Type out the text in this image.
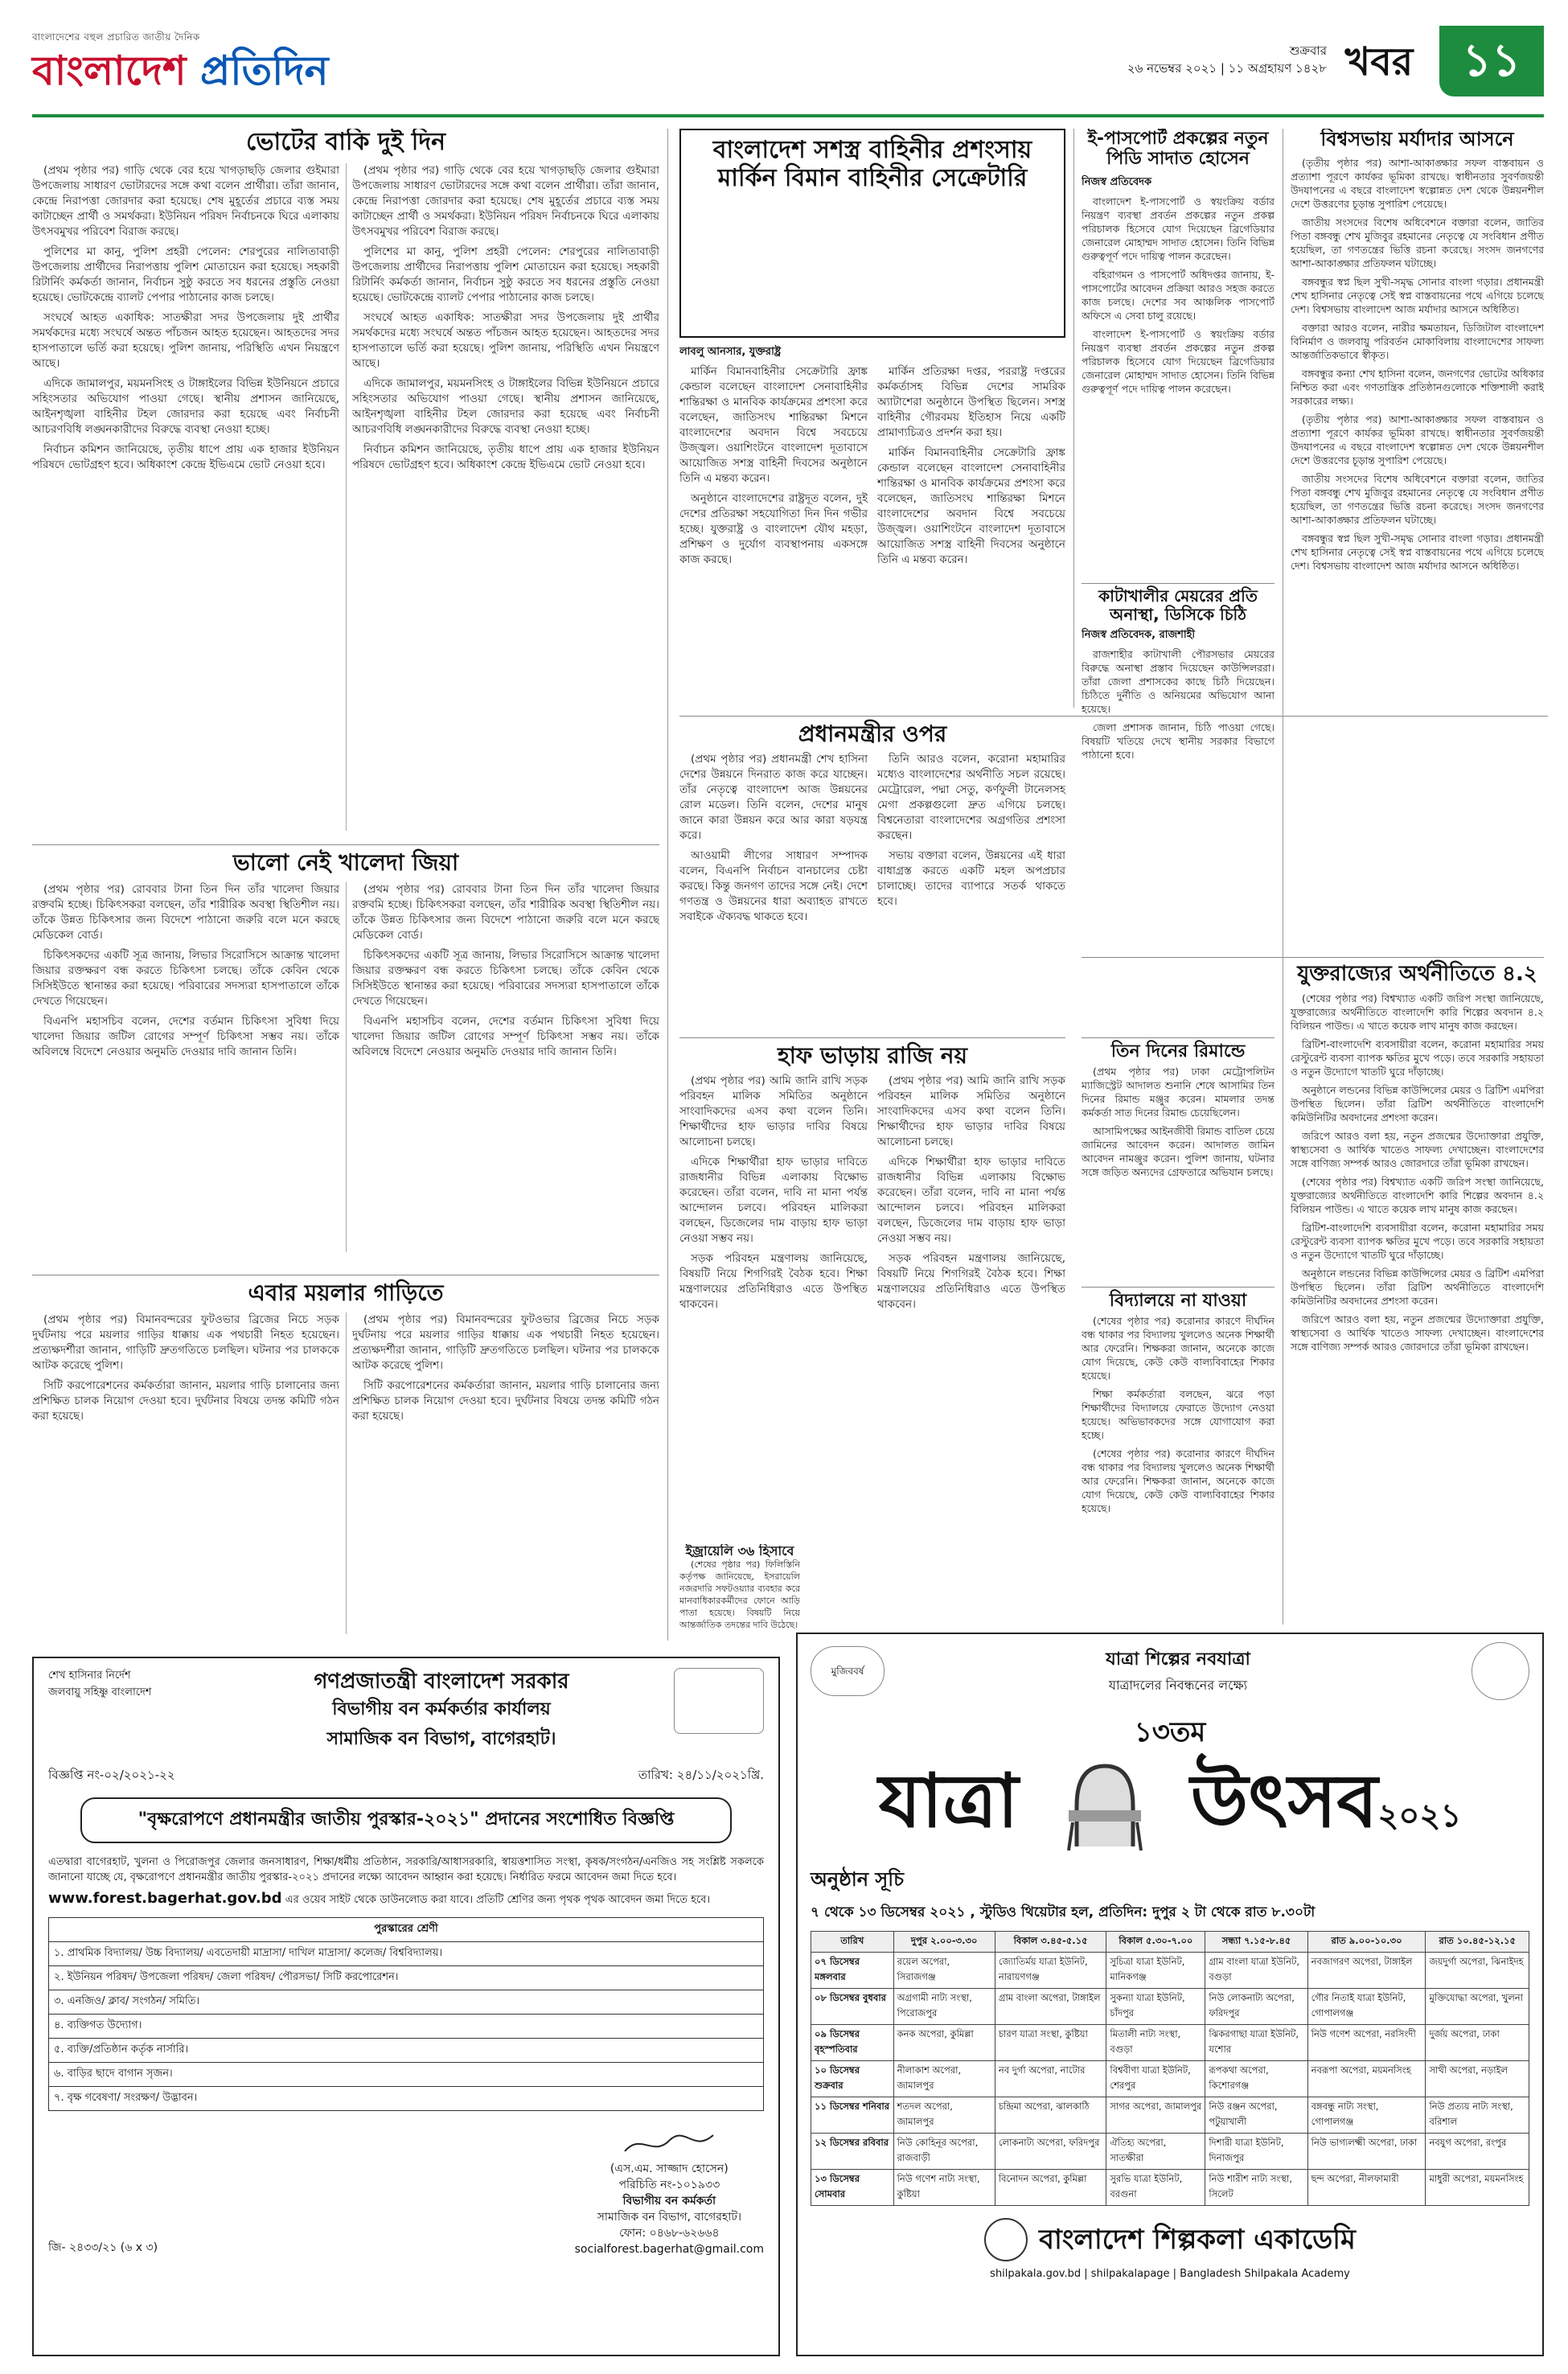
বাংলাদেশের বহুল প্রচারিত জাতীয় দৈনিক
বাংলাদেশ প্রতিদিন	শুক্রবার
২৬ নভেম্বর ২০২১ | ১১ অগ্রহায়ণ ১৪২৮ খবর	১১
ভোটের বাকি দুই দিন

(প্রথম পৃষ্ঠার পর) গাড়ি থেকে বের হয়ে খাগড়াছড়ি জেলার গুইমারা উপজেলায় সাধারণ ভোটারদের সঙ্গে কথা বলেন প্রার্থীরা। তাঁরা জানান, কেন্দ্রে নিরাপত্তা জোরদার করা হয়েছে। শেষ মুহূর্তের প্রচারে ব্যস্ত সময় কাটাচ্ছেন প্রার্থী ও সমর্থকরা। ইউনিয়ন পরিষদ নির্বাচনকে ঘিরে এলাকায় উৎসবমুখর পরিবেশ বিরাজ করছে।

পুলিশের মা কানু, পুলিশ প্রহরী পেলেন: শেরপুরের নালিতাবাড়ী উপজেলায় প্রার্থীদের নিরাপত্তায় পুলিশ মোতায়েন করা হয়েছে। সহকারী রিটার্নিং কর্মকর্তা জানান, নির্বাচন সুষ্ঠু করতে সব ধরনের প্রস্তুতি নেওয়া হয়েছে। ভোটকেন্দ্রে ব্যালট পেপার পাঠানোর কাজ চলছে।

সংঘর্ষে আহত একাধিক: সাতক্ষীরা সদর উপজেলায় দুই প্রার্থীর সমর্থকদের মধ্যে সংঘর্ষে অন্তত পাঁচজন আহত হয়েছেন। আহতদের সদর হাসপাতালে ভর্তি করা হয়েছে। পুলিশ জানায়, পরিস্থিতি এখন নিয়ন্ত্রণে আছে।

এদিকে জামালপুর, ময়মনসিংহ ও টাঙ্গাইলের বিভিন্ন ইউনিয়নে প্রচারে সহিংসতার অভিযোগ পাওয়া গেছে। স্থানীয় প্রশাসন জানিয়েছে, আইনশৃঙ্খলা বাহিনীর টহল জোরদার করা হয়েছে এবং নির্বাচনী আচরণবিধি লঙ্ঘনকারীদের বিরুদ্ধে ব্যবস্থা নেওয়া হচ্ছে।

নির্বাচন কমিশন জানিয়েছে, তৃতীয় ধাপে প্রায় এক হাজার ইউনিয়ন পরিষদে ভোটগ্রহণ হবে। অধিকাংশ কেন্দ্রে ইভিএমে ভোট নেওয়া হবে।

(প্রথম পৃষ্ঠার পর) গাড়ি থেকে বের হয়ে খাগড়াছড়ি জেলার গুইমারা উপজেলায় সাধারণ ভোটারদের সঙ্গে কথা বলেন প্রার্থীরা। তাঁরা জানান, কেন্দ্রে নিরাপত্তা জোরদার করা হয়েছে। শেষ মুহূর্তের প্রচারে ব্যস্ত সময় কাটাচ্ছেন প্রার্থী ও সমর্থকরা। ইউনিয়ন পরিষদ নির্বাচনকে ঘিরে এলাকায় উৎসবমুখর পরিবেশ বিরাজ করছে।

পুলিশের মা কানু, পুলিশ প্রহরী পেলেন: শেরপুরের নালিতাবাড়ী উপজেলায় প্রার্থীদের নিরাপত্তায় পুলিশ মোতায়েন করা হয়েছে। সহকারী রিটার্নিং কর্মকর্তা জানান, নির্বাচন সুষ্ঠু করতে সব ধরনের প্রস্তুতি নেওয়া হয়েছে। ভোটকেন্দ্রে ব্যালট পেপার পাঠানোর কাজ চলছে।

সংঘর্ষে আহত একাধিক: সাতক্ষীরা সদর উপজেলায় দুই প্রার্থীর সমর্থকদের মধ্যে সংঘর্ষে অন্তত পাঁচজন আহত হয়েছেন। আহতদের সদর হাসপাতালে ভর্তি করা হয়েছে। পুলিশ জানায়, পরিস্থিতি এখন নিয়ন্ত্রণে আছে।

এদিকে জামালপুর, ময়মনসিংহ ও টাঙ্গাইলের বিভিন্ন ইউনিয়নে প্রচারে সহিংসতার অভিযোগ পাওয়া গেছে। স্থানীয় প্রশাসন জানিয়েছে, আইনশৃঙ্খলা বাহিনীর টহল জোরদার করা হয়েছে এবং নির্বাচনী আচরণবিধি লঙ্ঘনকারীদের বিরুদ্ধে ব্যবস্থা নেওয়া হচ্ছে।

নির্বাচন কমিশন জানিয়েছে, তৃতীয় ধাপে প্রায় এক হাজার ইউনিয়ন পরিষদে ভোটগ্রহণ হবে। অধিকাংশ কেন্দ্রে ইভিএমে ভোট নেওয়া হবে।

ভালো নেই খালেদা জিয়া

(প্রথম পৃষ্ঠার পর) রোববার টানা তিন দিন তাঁর খালেদা জিয়ার রক্তবমি হচ্ছে। চিকিৎসকরা বলছেন, তাঁর শারীরিক অবস্থা স্থিতিশীল নয়। তাঁকে উন্নত চিকিৎসার জন্য বিদেশে পাঠানো জরুরি বলে মনে করছে মেডিকেল বোর্ড।

চিকিৎসকদের একটি সূত্র জানায়, লিভার সিরোসিসে আক্রান্ত খালেদা জিয়ার রক্তক্ষরণ বন্ধ করতে চিকিৎসা চলছে। তাঁকে কেবিন থেকে সিসিইউতে স্থানান্তর করা হয়েছে। পরিবারের সদস্যরা হাসপাতালে তাঁকে দেখতে গিয়েছেন।

বিএনপি মহাসচিব বলেন, দেশের বর্তমান চিকিৎসা সুবিধা দিয়ে খালেদা জিয়ার জটিল রোগের সম্পূর্ণ চিকিৎসা সম্ভব নয়। তাঁকে অবিলম্বে বিদেশে নেওয়ার অনুমতি দেওয়ার দাবি জানান তিনি।

(প্রথম পৃষ্ঠার পর) রোববার টানা তিন দিন তাঁর খালেদা জিয়ার রক্তবমি হচ্ছে। চিকিৎসকরা বলছেন, তাঁর শারীরিক অবস্থা স্থিতিশীল নয়। তাঁকে উন্নত চিকিৎসার জন্য বিদেশে পাঠানো জরুরি বলে মনে করছে মেডিকেল বোর্ড।

চিকিৎসকদের একটি সূত্র জানায়, লিভার সিরোসিসে আক্রান্ত খালেদা জিয়ার রক্তক্ষরণ বন্ধ করতে চিকিৎসা চলছে। তাঁকে কেবিন থেকে সিসিইউতে স্থানান্তর করা হয়েছে। পরিবারের সদস্যরা হাসপাতালে তাঁকে দেখতে গিয়েছেন।

বিএনপি মহাসচিব বলেন, দেশের বর্তমান চিকিৎসা সুবিধা দিয়ে খালেদা জিয়ার জটিল রোগের সম্পূর্ণ চিকিৎসা সম্ভব নয়। তাঁকে অবিলম্বে বিদেশে নেওয়ার অনুমতি দেওয়ার দাবি জানান তিনি।

এবার ময়লার গাড়িতে

(প্রথম পৃষ্ঠার পর) বিমানবন্দরের ফুটওভার ব্রিজের নিচে সড়ক দুর্ঘটনায় পরে ময়লার গাড়ির ধাক্কায় এক পথচারী নিহত হয়েছেন। প্রত্যক্ষদর্শীরা জানান, গাড়িটি দ্রুতগতিতে চলছিল। ঘটনার পর চালককে আটক করেছে পুলিশ।

সিটি করপোরেশনের কর্মকর্তারা জানান, ময়লার গাড়ি চালানোর জন্য প্রশিক্ষিত চালক নিয়োগ দেওয়া হবে। দুর্ঘটনার বিষয়ে তদন্ত কমিটি গঠন করা হয়েছে।

(প্রথম পৃষ্ঠার পর) বিমানবন্দরের ফুটওভার ব্রিজের নিচে সড়ক দুর্ঘটনায় পরে ময়লার গাড়ির ধাক্কায় এক পথচারী নিহত হয়েছেন। প্রত্যক্ষদর্শীরা জানান, গাড়িটি দ্রুতগতিতে চলছিল। ঘটনার পর চালককে আটক করেছে পুলিশ।

সিটি করপোরেশনের কর্মকর্তারা জানান, ময়লার গাড়ি চালানোর জন্য প্রশিক্ষিত চালক নিয়োগ দেওয়া হবে। দুর্ঘটনার বিষয়ে তদন্ত কমিটি গঠন করা হয়েছে।

বাংলাদেশ সশস্ত্র বাহিনীর প্রশংসায় মার্কিন বিমান বাহিনীর সেক্রেটারি
লাবলু আনসার, যুক্তরাষ্ট্র

মার্কিন বিমানবাহিনীর সেক্রেটারি ফ্রাঙ্ক কেন্ডাল বলেছেন বাংলাদেশ সেনাবাহিনীর শান্তিরক্ষা ও মানবিক কার্যক্রমের প্রশংসা করে বলেছেন, জাতিসংঘ শান্তিরক্ষা মিশনে বাংলাদেশের অবদান বিশ্বে সবচেয়ে উজ্জ্বল। ওয়াশিংটনে বাংলাদেশ দূতাবাসে আয়োজিত সশস্ত্র বাহিনী দিবসের অনুষ্ঠানে তিনি এ মন্তব্য করেন।

অনুষ্ঠানে বাংলাদেশের রাষ্ট্রদূত বলেন, দুই দেশের প্রতিরক্ষা সহযোগিতা দিন দিন গভীর হচ্ছে। যুক্তরাষ্ট্র ও বাংলাদেশ যৌথ মহড়া, প্রশিক্ষণ ও দুর্যোগ ব্যবস্থাপনায় একসঙ্গে কাজ করছে।

মার্কিন প্রতিরক্ষা দপ্তর, পররাষ্ট্র দপ্তরের কর্মকর্তাসহ বিভিন্ন দেশের সামরিক অ্যাটাশেরা অনুষ্ঠানে উপস্থিত ছিলেন। সশস্ত্র বাহিনীর গৌরবময় ইতিহাস নিয়ে একটি প্রামাণ্যচিত্রও প্রদর্শন করা হয়।

মার্কিন বিমানবাহিনীর সেক্রেটারি ফ্রাঙ্ক কেন্ডাল বলেছেন বাংলাদেশ সেনাবাহিনীর শান্তিরক্ষা ও মানবিক কার্যক্রমের প্রশংসা করে বলেছেন, জাতিসংঘ শান্তিরক্ষা মিশনে বাংলাদেশের অবদান বিশ্বে সবচেয়ে উজ্জ্বল। ওয়াশিংটনে বাংলাদেশ দূতাবাসে আয়োজিত সশস্ত্র বাহিনী দিবসের অনুষ্ঠানে তিনি এ মন্তব্য করেন।

প্রধানমন্ত্রীর ওপর

(প্রথম পৃষ্ঠার পর) প্রধানমন্ত্রী শেখ হাসিনা দেশের উন্নয়নে দিনরাত কাজ করে যাচ্ছেন। তাঁর নেতৃত্বে বাংলাদেশ আজ উন্নয়নের রোল মডেল। তিনি বলেন, দেশের মানুষ জানে কারা উন্নয়ন করে আর কারা ষড়যন্ত্র করে।

আওয়ামী লীগের সাধারণ সম্পাদক বলেন, বিএনপি নির্বাচন বানচালের চেষ্টা করছে। কিন্তু জনগণ তাদের সঙ্গে নেই। দেশে গণতন্ত্র ও উন্নয়নের ধারা অব্যাহত রাখতে সবাইকে ঐক্যবদ্ধ থাকতে হবে।

তিনি আরও বলেন, করোনা মহামারির মধ্যেও বাংলাদেশের অর্থনীতি সচল রয়েছে। মেট্রোরেল, পদ্মা সেতু, কর্ণফুলী টানেলসহ মেগা প্রকল্পগুলো দ্রুত এগিয়ে চলছে। বিশ্বনেতারা বাংলাদেশের অগ্রগতির প্রশংসা করছেন।

সভায় বক্তারা বলেন, উন্নয়নের এই ধারা বাধাগ্রস্ত করতে একটি মহল অপপ্রচার চালাচ্ছে। তাদের ব্যাপারে সতর্ক থাকতে হবে।

হাফ ভাড়ায় রাজি নয়

(প্রথম পৃষ্ঠার পর) আমি জানি রাখি সড়ক পরিবহন মালিক সমিতির অনুষ্ঠানে সাংবাদিকদের এসব কথা বলেন তিনি। শিক্ষার্থীদের হাফ ভাড়ার দাবির বিষয়ে আলোচনা চলছে।

এদিকে শিক্ষার্থীরা হাফ ভাড়ার দাবিতে রাজধানীর বিভিন্ন এলাকায় বিক্ষোভ করেছেন। তাঁরা বলেন, দাবি না মানা পর্যন্ত আন্দোলন চলবে। পরিবহন মালিকরা বলছেন, ডিজেলের দাম বাড়ায় হাফ ভাড়া নেওয়া সম্ভব নয়।

সড়ক পরিবহন মন্ত্রণালয় জানিয়েছে, বিষয়টি নিয়ে শিগগিরই বৈঠক হবে। শিক্ষা মন্ত্রণালয়ের প্রতিনিধিরাও এতে উপস্থিত থাকবেন।

(প্রথম পৃষ্ঠার পর) আমি জানি রাখি সড়ক পরিবহন মালিক সমিতির অনুষ্ঠানে সাংবাদিকদের এসব কথা বলেন তিনি। শিক্ষার্থীদের হাফ ভাড়ার দাবির বিষয়ে আলোচনা চলছে।

এদিকে শিক্ষার্থীরা হাফ ভাড়ার দাবিতে রাজধানীর বিভিন্ন এলাকায় বিক্ষোভ করেছেন। তাঁরা বলেন, দাবি না মানা পর্যন্ত আন্দোলন চলবে। পরিবহন মালিকরা বলছেন, ডিজেলের দাম বাড়ায় হাফ ভাড়া নেওয়া সম্ভব নয়।

সড়ক পরিবহন মন্ত্রণালয় জানিয়েছে, বিষয়টি নিয়ে শিগগিরই বৈঠক হবে। শিক্ষা মন্ত্রণালয়ের প্রতিনিধিরাও এতে উপস্থিত থাকবেন।

ইজ্রায়েলি ৩৬ হিসাবে

(শেষের পৃষ্ঠার পর) ফিলিস্তিনি কর্তৃপক্ষ জানিয়েছে, ইসরায়েলি নজরদারি সফটওয়্যার ব্যবহার করে মানবাধিকারকর্মীদের ফোনে আড়ি পাতা হয়েছে। বিষয়টি নিয়ে আন্তর্জাতিক তদন্তের দাবি উঠেছে।

ই-পাসপোর্ট প্রকল্পের নতুন পিডি সাদাত হোসেন
নিজস্ব প্রতিবেদক

বাংলাদেশ ই-পাসপোর্ট ও স্বয়ংক্রিয় বর্ডার নিয়ন্ত্রণ ব্যবস্থা প্রবর্তন প্রকল্পের নতুন প্রকল্প পরিচালক হিসেবে যোগ দিয়েছেন ব্রিগেডিয়ার জেনারেল মোহাম্মদ সাদাত হোসেন। তিনি বিভিন্ন গুরুত্বপূর্ণ পদে দায়িত্ব পালন করেছেন।

বহিরাগমন ও পাসপোর্ট অধিদপ্তর জানায়, ই-পাসপোর্টের আবেদন প্রক্রিয়া আরও সহজ করতে কাজ চলছে। দেশের সব আঞ্চলিক পাসপোর্ট অফিসে এ সেবা চালু রয়েছে।

বাংলাদেশ ই-পাসপোর্ট ও স্বয়ংক্রিয় বর্ডার নিয়ন্ত্রণ ব্যবস্থা প্রবর্তন প্রকল্পের নতুন প্রকল্প পরিচালক হিসেবে যোগ দিয়েছেন ব্রিগেডিয়ার জেনারেল মোহাম্মদ সাদাত হোসেন। তিনি বিভিন্ন গুরুত্বপূর্ণ পদে দায়িত্ব পালন করেছেন।

কাটাখালীর মেয়রের প্রতি অনাস্থা, ডিসিকে চিঠি
নিজস্ব প্রতিবেদক, রাজশাহী

রাজশাহীর কাটাখালী পৌরসভার মেয়রের বিরুদ্ধে অনাস্থা প্রস্তাব দিয়েছেন কাউন্সিলররা। তাঁরা জেলা প্রশাসকের কাছে চিঠি দিয়েছেন। চিঠিতে দুর্নীতি ও অনিয়মের অভিযোগ আনা হয়েছে।

জেলা প্রশাসক জানান, চিঠি পাওয়া গেছে। বিষয়টি খতিয়ে দেখে স্থানীয় সরকার বিভাগে পাঠানো হবে।

তিন দিনের রিমান্ডে

(প্রথম পৃষ্ঠার পর) ঢাকা মেট্রোপলিটন ম্যাজিস্ট্রেট আদালত শুনানি শেষে আসামির তিন দিনের রিমান্ড মঞ্জুর করেন। মামলার তদন্ত কর্মকর্তা সাত দিনের রিমান্ড চেয়েছিলেন।

আসামিপক্ষের আইনজীবী রিমান্ড বাতিল চেয়ে জামিনের আবেদন করেন। আদালত জামিন আবেদন নামঞ্জুর করেন। পুলিশ জানায়, ঘটনার সঙ্গে জড়িত অন্যদের গ্রেফতারে অভিযান চলছে।

বিদ্যালয়ে না যাওয়া

(শেষের পৃষ্ঠার পর) করোনার কারণে দীর্ঘদিন বন্ধ থাকার পর বিদ্যালয় খুললেও অনেক শিক্ষার্থী আর ফেরেনি। শিক্ষকরা জানান, অনেকে কাজে যোগ দিয়েছে, কেউ কেউ বাল্যবিবাহের শিকার হয়েছে।

শিক্ষা কর্মকর্তারা বলছেন, ঝরে পড়া শিক্ষার্থীদের বিদ্যালয়ে ফেরাতে উদ্যোগ নেওয়া হয়েছে। অভিভাবকদের সঙ্গে যোগাযোগ করা হচ্ছে।

(শেষের পৃষ্ঠার পর) করোনার কারণে দীর্ঘদিন বন্ধ থাকার পর বিদ্যালয় খুললেও অনেক শিক্ষার্থী আর ফেরেনি। শিক্ষকরা জানান, অনেকে কাজে যোগ দিয়েছে, কেউ কেউ বাল্যবিবাহের শিকার হয়েছে।

বিশ্বসভায় মর্যাদার আসনে

(তৃতীয় পৃষ্ঠার পর) আশা-আকাঙ্ক্ষার সফল বাস্তবায়ন ও প্রত্যাশা পূরণে কার্যকর ভূমিকা রাখছে। স্বাধীনতার সুবর্ণজয়ন্তী উদযাপনের এ বছরে বাংলাদেশ স্বল্পোন্নত দেশ থেকে উন্নয়নশীল দেশে উত্তরণের চূড়ান্ত সুপারিশ পেয়েছে।

জাতীয় সংসদের বিশেষ অধিবেশনে বক্তারা বলেন, জাতির পিতা বঙ্গবন্ধু শেখ মুজিবুর রহমানের নেতৃত্বে যে সংবিধান প্রণীত হয়েছিল, তা গণতন্ত্রের ভিত্তি রচনা করেছে। সংসদ জনগণের আশা-আকাঙ্ক্ষার প্রতিফলন ঘটাচ্ছে।

বঙ্গবন্ধুর স্বপ্ন ছিল সুখী-সমৃদ্ধ সোনার বাংলা গড়ার। প্রধানমন্ত্রী শেখ হাসিনার নেতৃত্বে সেই স্বপ্ন বাস্তবায়নের পথে এগিয়ে চলেছে দেশ। বিশ্বসভায় বাংলাদেশ আজ মর্যাদার আসনে অধিষ্ঠিত।

বক্তারা আরও বলেন, নারীর ক্ষমতায়ন, ডিজিটাল বাংলাদেশ বিনির্মাণ ও জলবায়ু পরিবর্তন মোকাবিলায় বাংলাদেশের সাফল্য আন্তর্জাতিকভাবে স্বীকৃত।

বঙ্গবন্ধুর কন্যা শেখ হাসিনা বলেন, জনগণের ভোটের অধিকার নিশ্চিত করা এবং গণতান্ত্রিক প্রতিষ্ঠানগুলোকে শক্তিশালী করাই সরকারের লক্ষ্য।

(তৃতীয় পৃষ্ঠার পর) আশা-আকাঙ্ক্ষার সফল বাস্তবায়ন ও প্রত্যাশা পূরণে কার্যকর ভূমিকা রাখছে। স্বাধীনতার সুবর্ণজয়ন্তী উদযাপনের এ বছরে বাংলাদেশ স্বল্পোন্নত দেশ থেকে উন্নয়নশীল দেশে উত্তরণের চূড়ান্ত সুপারিশ পেয়েছে।

জাতীয় সংসদের বিশেষ অধিবেশনে বক্তারা বলেন, জাতির পিতা বঙ্গবন্ধু শেখ মুজিবুর রহমানের নেতৃত্বে যে সংবিধান প্রণীত হয়েছিল, তা গণতন্ত্রের ভিত্তি রচনা করেছে। সংসদ জনগণের আশা-আকাঙ্ক্ষার প্রতিফলন ঘটাচ্ছে।

বঙ্গবন্ধুর স্বপ্ন ছিল সুখী-সমৃদ্ধ সোনার বাংলা গড়ার। প্রধানমন্ত্রী শেখ হাসিনার নেতৃত্বে সেই স্বপ্ন বাস্তবায়নের পথে এগিয়ে চলেছে দেশ। বিশ্বসভায় বাংলাদেশ আজ মর্যাদার আসনে অধিষ্ঠিত।

যুক্তরাজ্যের অর্থনীতিতে ৪.২

(শেষের পৃষ্ঠার পর) বিশ্বখ্যাত একটি জরিপ সংস্থা জানিয়েছে, যুক্তরাজ্যের অর্থনীতিতে বাংলাদেশি কারি শিল্পের অবদান ৪.২ বিলিয়ন পাউন্ড। এ খাতে কয়েক লাখ মানুষ কাজ করছেন।

ব্রিটিশ-বাংলাদেশি ব্যবসায়ীরা বলেন, করোনা মহামারির সময় রেস্টুরেন্ট ব্যবসা ব্যাপক ক্ষতির মুখে পড়ে। তবে সরকারি সহায়তা ও নতুন উদ্যোগে খাতটি ঘুরে দাঁড়াচ্ছে।

অনুষ্ঠানে লন্ডনের বিভিন্ন কাউন্সিলের মেয়র ও ব্রিটিশ এমপিরা উপস্থিত ছিলেন। তাঁরা ব্রিটিশ অর্থনীতিতে বাংলাদেশি কমিউনিটির অবদানের প্রশংসা করেন।

জরিপে আরও বলা হয়, নতুন প্রজন্মের উদ্যোক্তারা প্রযুক্তি, স্বাস্থ্যসেবা ও আর্থিক খাতেও সাফল্য দেখাচ্ছেন। বাংলাদেশের সঙ্গে বাণিজ্য সম্পর্ক আরও জোরদারে তাঁরা ভূমিকা রাখছেন।

(শেষের পৃষ্ঠার পর) বিশ্বখ্যাত একটি জরিপ সংস্থা জানিয়েছে, যুক্তরাজ্যের অর্থনীতিতে বাংলাদেশি কারি শিল্পের অবদান ৪.২ বিলিয়ন পাউন্ড। এ খাতে কয়েক লাখ মানুষ কাজ করছেন।

ব্রিটিশ-বাংলাদেশি ব্যবসায়ীরা বলেন, করোনা মহামারির সময় রেস্টুরেন্ট ব্যবসা ব্যাপক ক্ষতির মুখে পড়ে। তবে সরকারি সহায়তা ও নতুন উদ্যোগে খাতটি ঘুরে দাঁড়াচ্ছে।

অনুষ্ঠানে লন্ডনের বিভিন্ন কাউন্সিলের মেয়র ও ব্রিটিশ এমপিরা উপস্থিত ছিলেন। তাঁরা ব্রিটিশ অর্থনীতিতে বাংলাদেশি কমিউনিটির অবদানের প্রশংসা করেন।

জরিপে আরও বলা হয়, নতুন প্রজন্মের উদ্যোক্তারা প্রযুক্তি, স্বাস্থ্যসেবা ও আর্থিক খাতেও সাফল্য দেখাচ্ছেন। বাংলাদেশের সঙ্গে বাণিজ্য সম্পর্ক আরও জোরদারে তাঁরা ভূমিকা রাখছেন।

শেখ হাসিনার নির্দেশ
জলবায়ু সহিষ্ণু বাংলাদেশ	গণপ্রজাতন্ত্রী বাংলাদেশ সরকার
বিভাগীয় বন কর্মকর্তার কার্যালয়
সামাজিক বন বিভাগ, বাগেরহাট।
বিজ্ঞপ্তি নং-০২/২০২১-২২	তারিখ: ২৪/১১/২০২১খ্রি.
"বৃক্ষরোপণে প্রধানমন্ত্রীর জাতীয় পুরস্কার-২০২১" প্রদানের সংশোধিত বিজ্ঞপ্তি
এতদ্বারা বাগেরহাট, খুলনা ও পিরোজপুর জেলার জনসাধারণ, শিক্ষা/ধর্মীয় প্রতিষ্ঠান, সরকারি/আধাসরকারি, স্বায়ত্তশাসিত সংস্থা, কৃষক/সংগঠন/এনজিও সহ সংশ্লিষ্ট সকলকে জানানো যাচ্ছে যে, বৃক্ষরোপণে প্রধানমন্ত্রীর জাতীয় পুরস্কার-২০২১ প্রদানের লক্ষ্যে আবেদন আহ্বান করা হয়েছে। নির্ধারিত ফরমে আবেদন জমা দিতে হবে।
www.forest.bagerhat.gov.bd এর ওয়েব সাইট থেকে ডাউনলোড করা যাবে। প্রতিটি শ্রেণির জন্য পৃথক পৃথক আবেদন জমা দিতে হবে।
পুরস্কারের শ্রেণী
১. প্রাথমিক বিদ্যালয়/ উচ্চ বিদ্যালয়/ এবতেদায়ী মাদ্রাসা/ দাখিল মাদ্রাসা/ কলেজ/ বিশ্ববিদ্যালয়।
২. ইউনিয়ন পরিষদ/ উপজেলা পরিষদ/ জেলা পরিষদ/ পৌরসভা/ সিটি করপোরেশন।
৩. এনজিও/ ক্লাব/ সংগঠন/ সমিতি।
৪. ব্যক্তিগত উদ্যোগ।
৫. ব্যক্তি/প্রতিষ্ঠান কর্তৃক নার্সারি।
৬. বাড়ির ছাদে বাগান সৃজন।
৭. বৃক্ষ গবেষণা/ সংরক্ষণ/ উদ্ভাবন।
জি- ২৪৩৩/২১ (৬ x ৩)
(এস.এম. সাজ্জাদ হোসেন)
পরিচিতি নং-১০১৯৩৩
বিভাগীয় বন কর্মকর্তা
সামাজিক বন বিভাগ, বাগেরহাট।
ফোন: ০৪৬৮-৬২৬৬৪
socialforest.bagerhat@gmail.com
মুজিববর্ষ
যাত্রা শিল্পের নবযাত্রা
যাত্রাদলের নিবন্ধনের লক্ষ্যে
১৩তম
যাত্রা উৎসব২০২১
অনুষ্ঠান সূচি
৭ থেকে ১৩ ডিসেম্বর ২০২১ , স্টুডিও থিয়েটার হল, প্রতিদিন: দুপুর ২ টা থেকে রাত ৮.৩০টা
তারিখ	দুপুর ২.০০-৩.৩০	বিকাল ৩.৪৫-৫.১৫	বিকাল ৫.৩০-৭.০০	সন্ধ্যা ৭.১৫-৮.৪৫	রাত ৯.০০-১০.৩০	রাত ১০.৪৫-১২.১৫
০৭ ডিসেম্বর মঙ্গলবার	রয়েল অপেরা, সিরাজগঞ্জ	জ্যোতির্ময় যাত্রা ইউনিট, নারায়ণগঞ্জ	সুচিত্রা যাত্রা ইউনিট, মানিকগঞ্জ	গ্রাম বাংলা যাত্রা ইউনিট, বগুড়া	নবজাগরণ অপেরা, টাঙ্গাইল	জয়দুর্গা অপেরা, ঝিনাইদহ
০৮ ডিসেম্বর বুধবার	অগ্রগামী নাট্য সংস্থা, পিরোজপুর	গ্রাম বাংলা অপেরা, টাঙ্গাইল	সুকন্যা যাত্রা ইউনিট, চাঁদপুর	নিউ লোকনাট্য অপেরা, ফরিদপুর	গৌর নিতাই যাত্রা ইউনিট, গোপালগঞ্জ	মুক্তিযোদ্ধা অপেরা, খুলনা
০৯ ডিসেম্বর বৃহস্পতিবার	কনক অপেরা, কুমিল্লা	চারণ যাত্রা সংস্থা, কুষ্টিয়া	মিতালী নাট্য সংস্থা, বগুড়া	ঝিকরগাছা যাত্রা ইউনিট, যশোর	নিউ গণেশ অপেরা, নরসিংদী	দুর্জয় অপেরা, ঢাকা
১০ ডিসেম্বর শুক্রবার	নীলাকাশ অপেরা, জামালপুর	নব দুর্গা অপেরা, নাটোর	বিশ্ববীণা যাত্রা ইউনিট, শেরপুর	রূপকথা অপেরা, কিশোরগঞ্জ	নবরূপা অপেরা, ময়মনসিংহ	সাথী অপেরা, নড়াইল
১১ ডিসেম্বর শনিবার	শতদল অপেরা, জামালপুর	চন্দ্রিমা অপেরা, ঝালকাঠি	সাগর অপেরা, জামালপুর	নিউ রঞ্জন অপেরা, পটুয়াখালী	বঙ্গবন্ধু নাট্য সংস্থা, গোপালগঞ্জ	নিউ প্রত্যয় নাট্য সংস্থা, বরিশাল
১২ ডিসেম্বর রবিবার	নিউ কোহিনূর অপেরা, রাজবাড়ী	লোকনাট্য অপেরা, ফরিদপুর	ঐতিহ্য অপেরা, সাতক্ষীরা	দিশারী যাত্রা ইউনিট, দিনাজপুর	নিউ ভাগ্যলক্ষ্মী অপেরা, ঢাকা	নবযুগ অপেরা, রংপুর
১৩ ডিসেম্বর সোমবার	নিউ গণেশ নাট্য সংস্থা, কুষ্টিয়া	বিনোদন অপেরা, কুমিল্লা	সুরভি যাত্রা ইউনিট, বরগুনা	নিউ শারীশ নাট্য সংস্থা, সিলেট	ছন্দ অপেরা, নীলফামারী	মাধুরী অপেরা, ময়মনসিংহ
বাংলাদেশ শিল্পকলা একাডেমি
shilpakala.gov.bd | shilpakalapage | Bangladesh Shilpakala Academy
